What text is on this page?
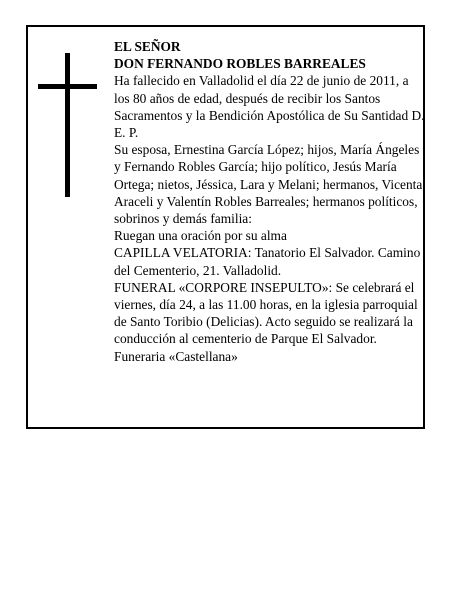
EL SEÑOR

DON FERNANDO ROBLES BARREALES

Ha fallecido en Valladolid el día 22 de junio de 2011, a los 80 años de edad, después de recibir los Santos Sacramentos y la Bendición Apostólica de Su Santidad D. E. P.

Su esposa, Ernestina García López; hijos, María Ángeles y Fernando Robles García; hijo político, Jesús María Ortega; nietos, Jéssica, Lara y Melani; hermanos, Vicenta, Araceli y Valentín Robles Barreales; hermanos políticos, sobrinos y demás familia:

Ruegan una oración por su alma

CAPILLA VELATORIA: Tanatorio El Salvador. Camino del Cementerio, 21. Valladolid.

FUNERAL «CORPORE INSEPULTO»: Se celebrará el viernes, día 24, a las 11.00 horas, en la iglesia parroquial de Santo Toribio (Delicias). Acto seguido se realizará la conducción al cementerio de Parque El Salvador.

Funeraria «Castellana»
